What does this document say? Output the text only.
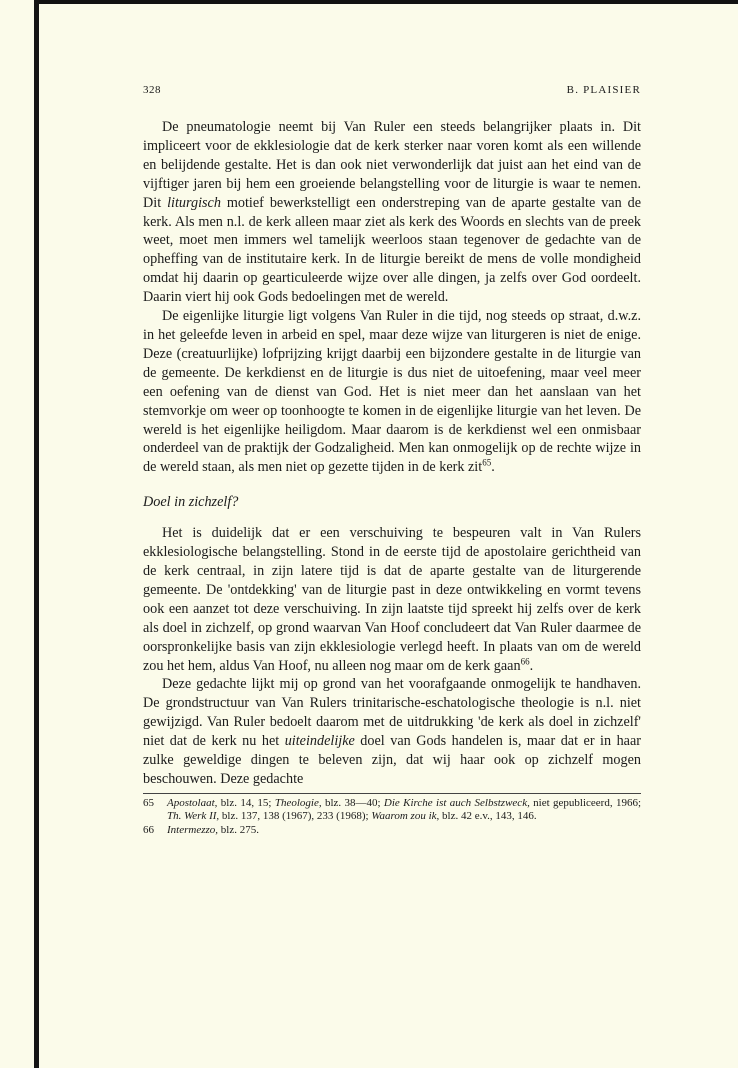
328	B. PLAISIER

De pneumatologie neemt bij Van Ruler een steeds belangrijker plaats in. Dit impliceert voor de ekklesiologie dat de kerk sterker naar voren komt als een willende en belijdende gestalte. Het is dan ook niet verwonderlijk dat juist aan het eind van de vijftiger jaren bij hem een groeiende belangstelling voor de liturgie is waar te nemen. Dit liturgisch motief bewerkstelligt een onderstreping van de aparte gestalte van de kerk. Als men n.l. de kerk alleen maar ziet als kerk des Woords en slechts van de preek weet, moet men immers wel tamelijk weerloos staan tegenover de gedachte van de opheffing van de institutaire kerk. In de liturgie bereikt de mens de volle mondigheid omdat hij daarin op gearticuleerde wijze over alle dingen, ja zelfs over God oordeelt. Daarin viert hij ook Gods bedoelingen met de wereld.

De eigenlijke liturgie ligt volgens Van Ruler in die tijd, nog steeds op straat, d.w.z. in het geleefde leven in arbeid en spel, maar deze wijze van liturgeren is niet de enige. Deze (creatuurlijke) lofprijzing krijgt daarbij een bijzondere gestalte in de liturgie van de gemeente. De kerkdienst en de liturgie is dus niet de uitoefening, maar veel meer een oefening van de dienst van God. Het is niet meer dan het aanslaan van het stemvorkje om weer op toonhoogte te komen in de eigenlijke liturgie van het leven. De wereld is het eigenlijke heiligdom. Maar daarom is de kerkdienst wel een onmisbaar onderdeel van de praktijk der Godzaligheid. Men kan onmogelijk op de rechte wijze in de wereld staan, als men niet op gezette tijden in de kerk zit$^{65}$.

Doel in zichzelf?

Het is duidelijk dat er een verschuiving te bespeuren valt in Van Rulers ekklesiologische belangstelling. Stond in de eerste tijd de apostolaire gerichtheid van de kerk centraal, in zijn latere tijd is dat de aparte gestalte van de liturgerende gemeente. De 'ontdekking' van de liturgie past in deze ontwikkeling en vormt tevens ook een aanzet tot deze verschuiving. In zijn laatste tijd spreekt hij zelfs over de kerk als doel in zichzelf, op grond waarvan Van Hoof concludeert dat Van Ruler daarmee de oorspronkelijke basis van zijn ekklesiologie verlegd heeft. In plaats van om de wereld zou het hem, aldus Van Hoof, nu alleen nog maar om de kerk gaan$^{66}$.

Deze gedachte lijkt mij op grond van het voorafgaande onmogelijk te handhaven. De grondstructuur van Van Rulers trinitarische-eschatologische theologie is n.l. niet gewijzigd. Van Ruler bedoelt daarom met de uitdrukking 'de kerk als doel in zichzelf' niet dat de kerk nu het uiteindelijke doel van Gods handelen is, maar dat er in haar zulke geweldige dingen te beleven zijn, dat wij haar ook op zichzelf mogen beschouwen. Deze gedachte

65	Apostolaat, blz. 14, 15; Theologie, blz. 38—40; Die Kirche ist auch Selbstzweck, niet gepubliceerd, 1966; Th. Werk II, blz. 137, 138 (1967), 233 (1968); Waarom zou ik, blz. 42 e.v., 143, 146.
66	Intermezzo, blz. 275.
